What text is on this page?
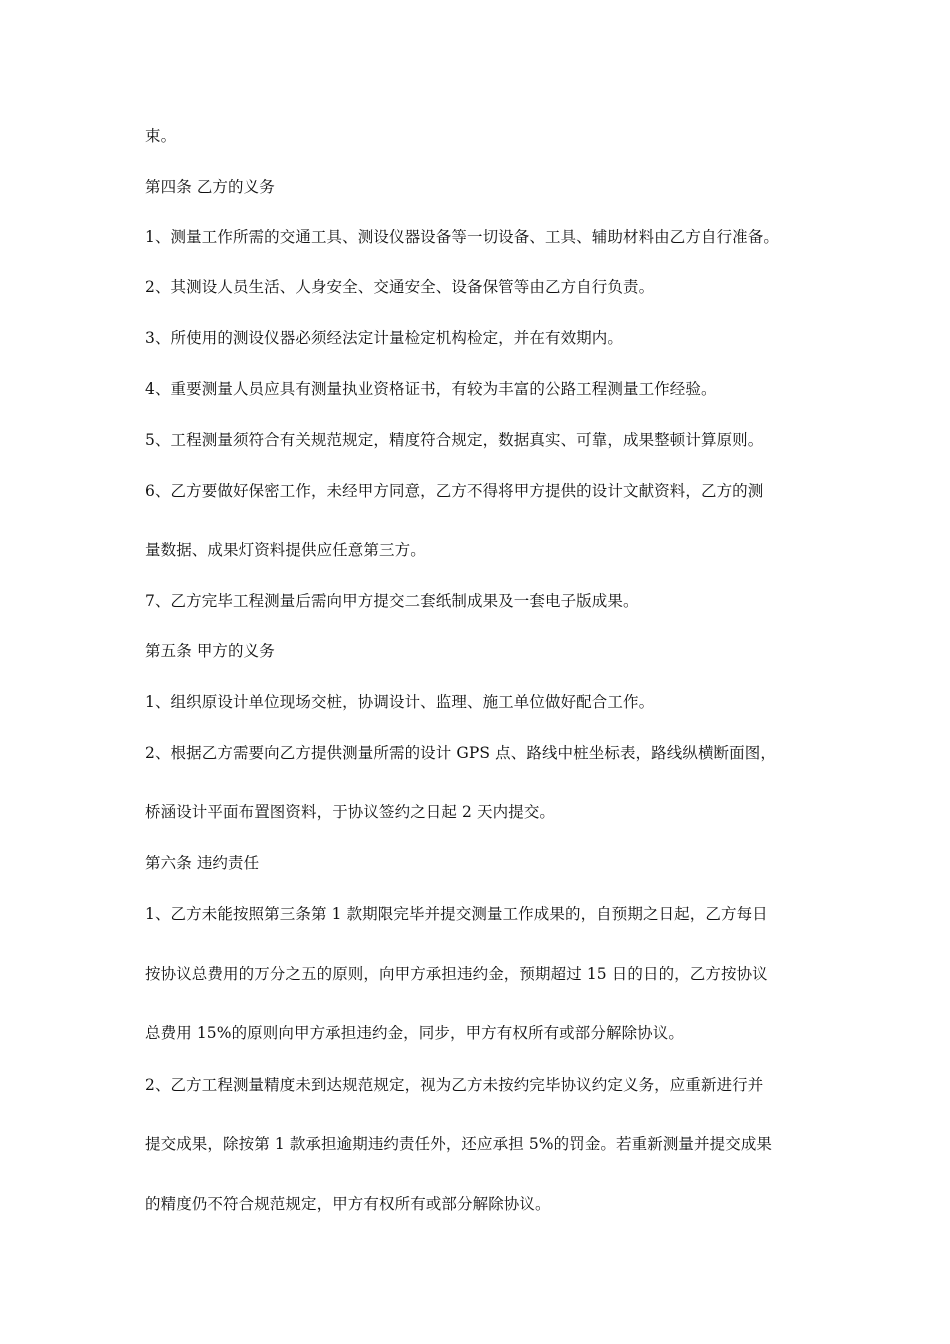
束。
第四条 乙方的义务
1、测量工作所需的交通工具、测设仪器设备等一切设备、工具、辅助材料由乙方自行准备。
2、其测设人员生活、人身安全、交通安全、设备保管等由乙方自行负责。
3、所使用的测设仪器必须经法定计量检定机构检定，并在有效期内。
4、重要测量人员应具有测量执业资格证书，有较为丰富的公路工程测量工作经验。
5、工程测量须符合有关规范规定，精度符合规定，数据真实、可靠，成果整顿计算原则。
6、乙方要做好保密工作，未经甲方同意，乙方不得将甲方提供的设计文献资料，乙方的测
量数据、成果灯资料提供应任意第三方。
7、乙方完毕工程测量后需向甲方提交二套纸制成果及一套电子版成果。
第五条 甲方的义务
1、组织原设计单位现场交桩，协调设计、监理、施工单位做好配合工作。
2、根据乙方需要向乙方提供测量所需的设计 GPS 点、路线中桩坐标表，路线纵横断面图，
桥涵设计平面布置图资料，于协议签约之日起 2 天内提交。
第六条 违约责任
1、乙方未能按照第三条第 1 款期限完毕并提交测量工作成果的，自预期之日起，乙方每日
按协议总费用的万分之五的原则，向甲方承担违约金，预期超过 15 日的日的，乙方按协议
总费用 15%的原则向甲方承担违约金，同步，甲方有权所有或部分解除协议。
2、乙方工程测量精度未到达规范规定，视为乙方未按约完毕协议约定义务，应重新进行并
提交成果，除按第 1 款承担逾期违约责任外，还应承担 5%的罚金。若重新测量并提交成果
的精度仍不符合规范规定，甲方有权所有或部分解除协议。
